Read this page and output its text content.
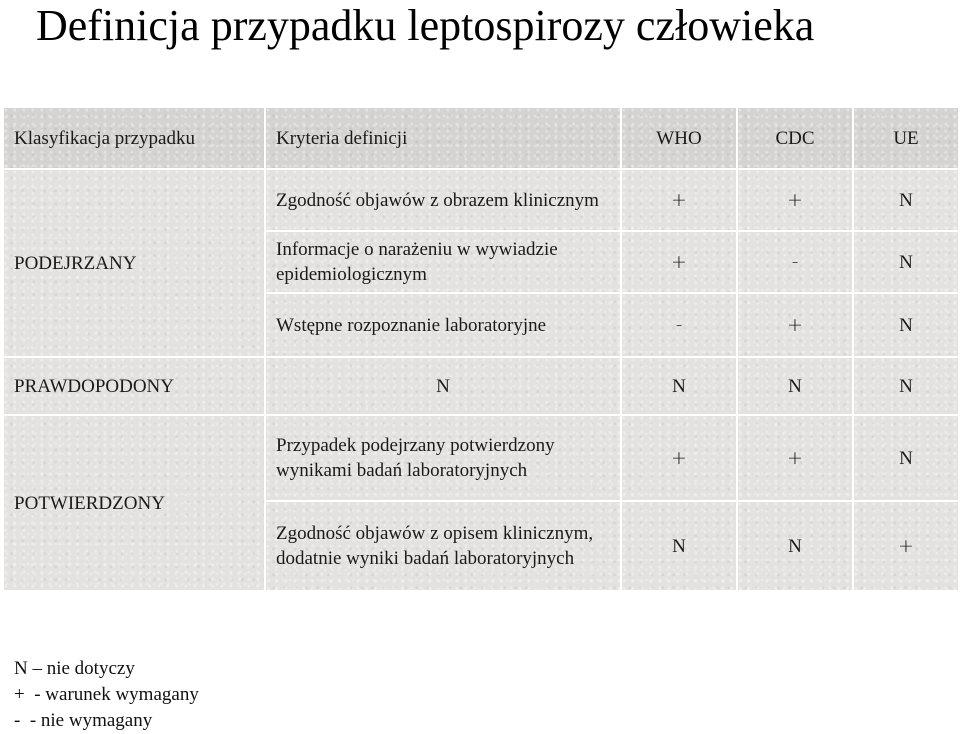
Definicja przypadku leptospirozy człowieka
Klasyfikacja przypadku	Kryteria definicji	WHO	CDC	UE
PODEJRZANY	Zgodność objawów z obrazem klinicznym	+	+	N
	Informacje o narażeniu w wywiadzie epidemiologicznym	+	-	N
	Wstępne rozpoznanie laboratoryjne	-	+	N
PRAWDOPODONY	N	N	N	N
POTWIERDZONY	Przypadek podejrzany potwierdzony wynikami badań laboratoryjnych	+	+	N
	Zgodność objawów z opisem klinicznym, dodatnie wyniki badań laboratoryjnych	N	N	+
N – nie dotyczy
+  - warunek wymagany
-  - nie wymagany
